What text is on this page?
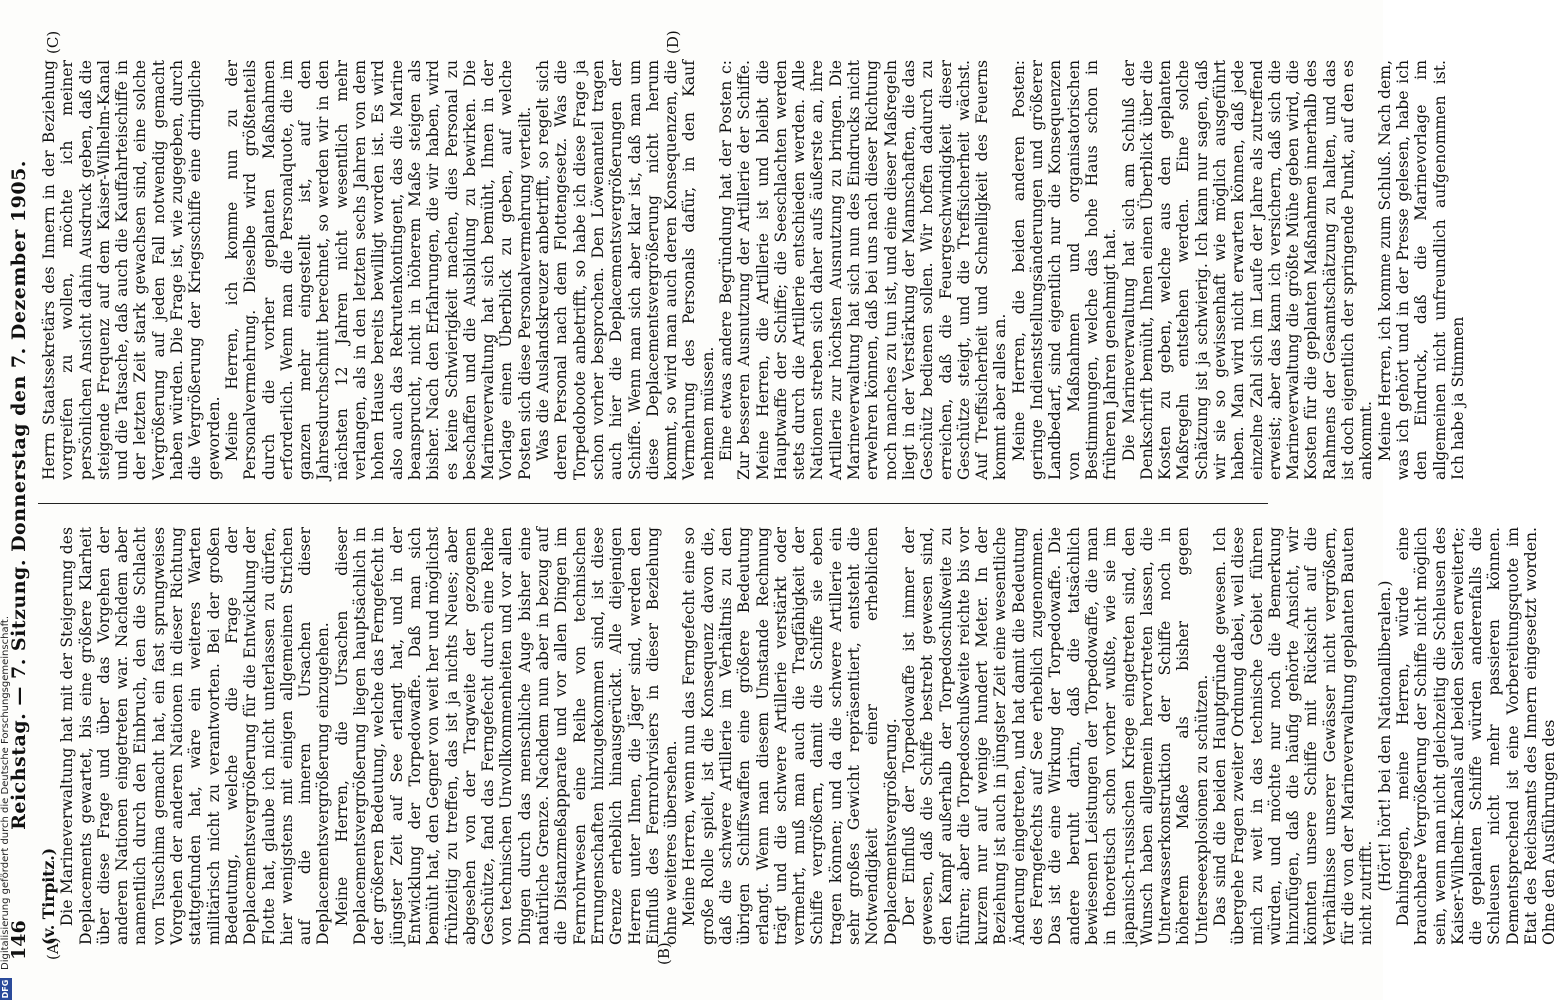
146
Reichstag. — 7. Sitzung. Donnerstag den 7. Dezember 1905.
(A)	(B)
(C)	(D)

(v. Tirpitz.) Die Marineverwaltung hat mit der Steigerung des Deplacements gewartet, bis eine größere Klarheit über diese Frage und über das Vorgehen der anderen Nationen eingetreten war. Nachdem aber namentlich durch den Einbruch, den die Schlacht von Tsuschima gemacht hat, ein fast sprungweises Vorgehen der anderen Nationen in dieser Richtung stattgefunden hat, wäre ein weiteres Warten militärisch nicht zu verantworten. Bei der großen Bedeutung, welche die Frage der Deplacementsvergrößerung für die Entwicklung der Flotte hat, glaube ich nicht unterlassen zu dürfen, hier wenigstens mit einigen allgemeinen Strichen auf die inneren Ursachen dieser Deplacementsvergrößerung einzugehen. Meine Herren, die Ursachen dieser Deplacementsvergrößerung liegen hauptsächlich in der größeren Bedeutung, welche das Ferngefecht in jüngster Zeit auf See erlangt hat, und in der Entwicklung der Torpedowaffe. Daß man sich bemüht hat, den Gegner von weit her und möglichst frühzeitig zu treffen, das ist ja nichts Neues; aber abgesehen von der Tragweite der gezogenen Geschütze, fand das Ferngefecht durch eine Reihe von technischen Unvollkommenheiten und vor allen Dingen durch das menschliche Auge bisher eine natürliche Grenze. Nachdem nun aber in bezug auf die Distanzmeßapparate und vor allen Dingen im Fernrohrwesen eine Reihe von technischen Errungenschaften hinzugekommen sind, ist diese Grenze erheblich hinausgerückt. Alle diejenigen Herren unter Ihnen, die Jäger sind, werden den Einfluß des Fernrohrvisiers in dieser Beziehung ohne weiteres übersehen. Meine Herren, wenn nun das Ferngefecht eine so große Rolle spielt, ist die Konsequenz davon die, daß die schwere Artillerie im Verhältnis zu den übrigen Schiffswaffen eine größere Bedeutung erlangt. Wenn man diesem Umstande Rechnung trägt und die schwere Artillerie verstärkt oder vermehrt, muß man auch die Tragfähigkeit der Schiffe vergrößern, damit die Schiffe sie eben tragen können; und da die schwere Artillerie ein sehr großes Gewicht repräsentiert, entsteht die Notwendigkeit einer erheblichen Deplacementsvergrößerung. Der Einfluß der Torpedowaffe ist immer der gewesen, daß die Schiffe bestrebt gewesen sind, den Kampf außerhalb der Torpedoschußweite zu führen; aber die Torpedoschußweite reichte bis vor kurzem nur auf wenige hundert Meter. In der Beziehung ist auch in jüngster Zeit eine wesentliche Änderung eingetreten, und hat damit die Bedeutung des Ferngefechts auf See erheblich zugenommen. Das ist die eine Wirkung der Torpedowaffe. Die andere beruht darin, daß die tatsächlich bewiesenen Leistungen der Torpedowaffe, die man in theoretisch schon vorher wußte, wie sie im japanisch-russischen Kriege eingetreten sind, den Wunsch haben allgemein hervortreten lassen, die Unterwasserkonstruktion der Schiffe noch in höherem Maße als bisher gegen Unterseeexplosionen zu schützen. Das sind die beiden Hauptgründe gewesen. Ich übergehe Fragen zweiter Ordnung dabei, weil diese mich zu weit in das technische Gebiet führen würden, und möchte nur noch die Bemerkung hinzufügen, daß die häufig gehörte Ansicht, wir könnten unsere Schiffe mit Rücksicht auf die Verhältnisse unserer Gewässer nicht vergrößern, für die von der Marineverwaltung geplanten Bauten nicht zutrifft.

(Hört! hört! bei den Nationalliberalen.) Dahingegen, meine Herren, würde eine brauchbare Vergrößerung der Schiffe nicht möglich sein, wenn man nicht gleichzeitig die Schleusen des Kaiser-Wilhelm-Kanals auf beiden Seiten erweiterte; die geplanten Schiffe würden anderenfalls die Schleusen nicht mehr passieren können. Dementsprechend ist eine Vorbereitungsquote im Etat des Reichsamts des Innern eingesetzt worden. Ohne den Ausführungen des

Herrn Staatssekretärs des Innern in der Beziehung vorgreifen zu wollen, möchte ich meiner persönlichen Ansicht dahin Ausdruck geben, daß die steigende Frequenz auf dem Kaiser-Wilhelm-Kanal und die Tatsache, daß auch die Kauffahrteischiffe in der letzten Zeit stark gewachsen sind, eine solche Vergrößerung auf jeden Fall notwendig gemacht haben würden. Die Frage ist, wie zugegeben, durch die Vergrößerung der Kriegsschiffe eine dringliche geworden. Meine Herren, ich komme nun zu der Personalvermehrung. Dieselbe wird größtenteils durch die vorher geplanten Maßnahmen erforderlich. Wenn man die Personalquote, die im ganzen mehr eingestellt ist, auf den Jahresdurchschnitt berechnet, so werden wir in den nächsten 12 Jahren nicht wesentlich mehr verlangen, als in den letzten sechs Jahren von dem hohen Hause bereits bewilligt worden ist. Es wird also auch das Rekrutenkontingent, das die Marine beansprucht, nicht in höherem Maße steigen als bisher. Nach den Erfahrungen, die wir haben, wird es keine Schwierigkeit machen, dies Personal zu beschaffen und die Ausbildung zu bewirken. Die Marineverwaltung hat sich bemüht, Ihnen in der Vorlage einen Überblick zu geben, auf welche Posten sich diese Personalvermehrung verteilt. Was die Auslandskreuzer anbetrifft, so regelt sich deren Personal nach dem Flottengesetz. Was die Torpedoboote anbetrifft, so habe ich diese Frage ja schon vorher besprochen. Den Löwenanteil tragen auch hier die Deplacementsvergrößerungen der Schiffe. Wenn man sich aber klar ist, daß man um diese Deplacementsvergrößerung nicht herum kommt, so wird man auch deren Konsequenzen, die Vermehrung des Personals dafür, in den Kauf nehmen müssen. Eine etwas andere Begründung hat der Posten c: Zur besseren Ausnutzung der Artillerie der Schiffe. Meine Herren, die Artillerie ist und bleibt die Hauptwaffe der Schiffe; die Seeschlachten werden stets durch die Artillerie entschieden werden. Alle Nationen streben sich daher aufs äußerste an, ihre Artillerie zur höchsten Ausnutzung zu bringen. Die Marineverwaltung hat sich nun des Eindrucks nicht erwehren können, daß bei uns nach dieser Richtung noch manches zu tun ist, und eine dieser Maßregeln liegt in der Verstärkung der Mannschaften, die das Geschütz bedienen sollen. Wir hoffen dadurch zu erreichen, daß die Feuergeschwindigkeit dieser Geschütze steigt, und die Treffsicherheit wächst. Auf Treffsicherheit und Schnelligkeit des Feuerns kommt aber alles an. Meine Herren, die beiden anderen Posten: geringe Indienststellungsänderungen und größerer Landbedarf, sind eigentlich nur die Konsequenzen von Maßnahmen und organisatorischen Bestimmungen, welche das hohe Haus schon in früheren Jahren genehmigt hat. Die Marineverwaltung hat sich am Schluß der Denkschrift bemüht, Ihnen einen Überblick über die Kosten zu geben, welche aus den geplanten Maßregeln entstehen werden. Eine solche Schätzung ist ja schwierig. Ich kann nur sagen, daß wir sie so gewissenhaft wie möglich ausgeführt haben. Man wird nicht erwarten können, daß jede einzelne Zahl sich im Laufe der Jahre als zutreffend erweist; aber das kann ich versichern, daß sich die Marineverwaltung die größte Mühe geben wird, die Kosten für die geplanten Maßnahmen innerhalb des Rahmens der Gesamtschätzung zu halten, und das ist doch eigentlich der springende Punkt, auf den es ankommt. Meine Herren, ich komme zum Schluß. Nach dem, was ich gehört und in der Presse gelesen, habe ich den Eindruck, daß die Marinevorlage im allgemeinen nicht unfreundlich aufgenommen ist. Ich habe ja Stimmen

DFG
Digitalisierung gefördert durch die Deutsche Forschungsgemeinschaft.
